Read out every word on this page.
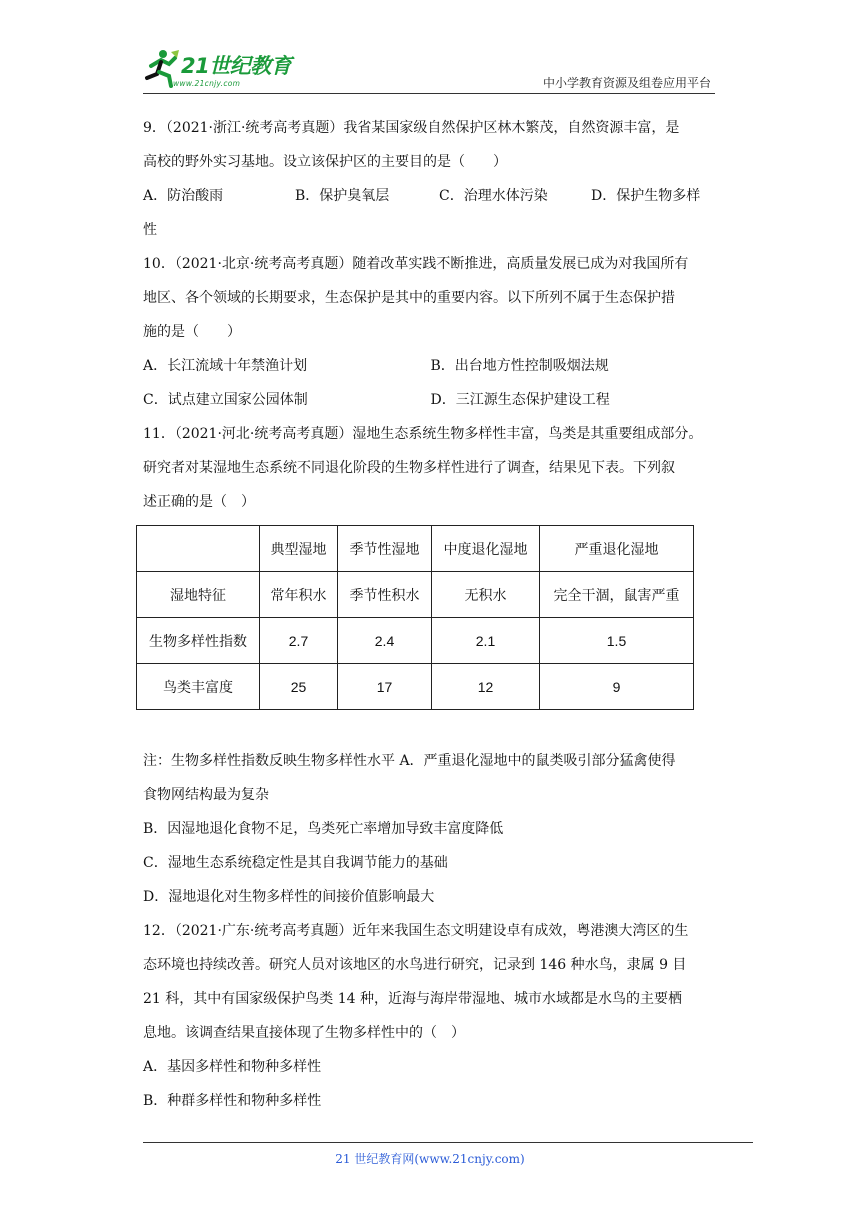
21世纪教育
www.21cnjy.com	中小学教育资源及组卷应用平台

9．（2021·浙江·统考高考真题）我省某国家级自然保护区林木繁茂，自然资源丰富，是

高校的野外实习基地。设立该保护区的主要目的是（　　）

A．防治酸雨	B．保护臭氧层	C．治理水体污染	D．保护生物多样

性

10．（2021·北京·统考高考真题）随着改革实践不断推进，高质量发展已成为对我国所有

地区、各个领域的长期要求，生态保护是其中的重要内容。以下所列不属于生态保护措

施的是（　　）

A．长江流域十年禁渔计划	B．出台地方性控制吸烟法规
C．试点建立国家公园体制	D．三江源生态保护建设工程

11．（2021·河北·统考高考真题）湿地生态系统生物多样性丰富，鸟类是其重要组成部分。

研究者对某湿地生态系统不同退化阶段的生物多样性进行了调查，结果见下表。下列叙

述正确的是（　）

	典型湿地	季节性湿地	中度退化湿地	严重退化湿地
湿地特征	常年积水	季节性积水	无积水	完全干涸，鼠害严重
生物多样性指数	2.7	2.4	2.1	1.5
鸟类丰富度	25	17	12	9

注：生物多样性指数反映生物多样性水平 A．严重退化湿地中的鼠类吸引部分猛禽使得

食物网结构最为复杂

B．因湿地退化食物不足，鸟类死亡率增加导致丰富度降低

C．湿地生态系统稳定性是其自我调节能力的基础

D．湿地退化对生物多样性的间接价值影响最大

12．（2021·广东·统考高考真题）近年来我国生态文明建设卓有成效，粤港澳大湾区的生

态环境也持续改善。研究人员对该地区的水鸟进行研究，记录到 146 种水鸟，隶属 9 目

21 科，其中有国家级保护鸟类 14 种，近海与海岸带湿地、城市水域都是水鸟的主要栖

息地。该调查结果直接体现了生物多样性中的（　）

A．基因多样性和物种多样性

B．种群多样性和物种多样性

21 世纪教育网(www.21cnjy.com)
